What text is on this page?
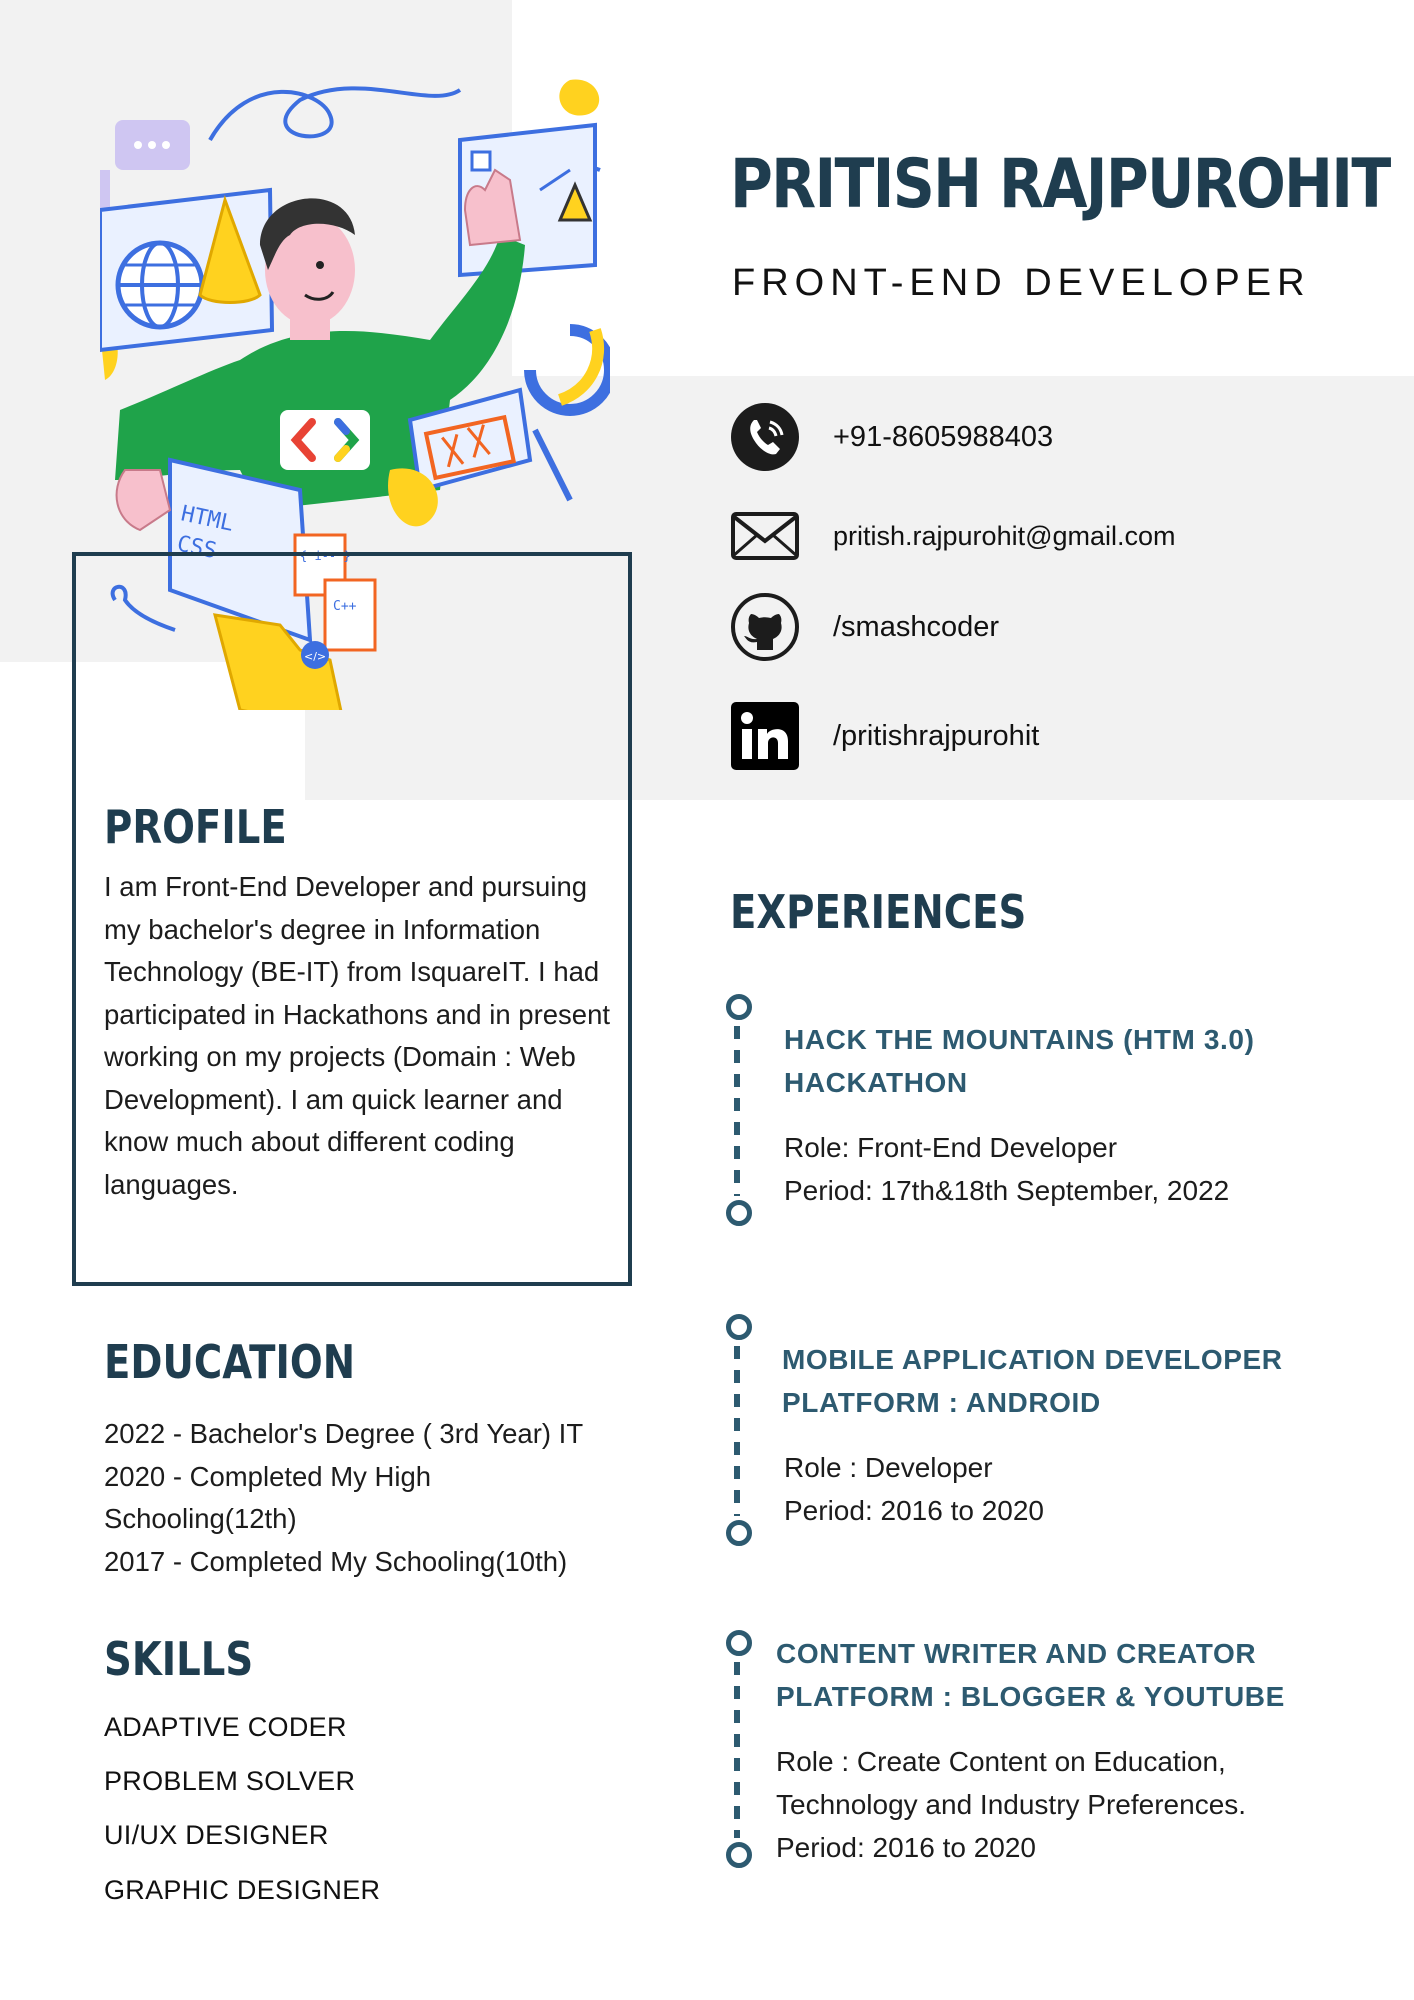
HTML
CSS	{ i-- }
C++
</>
PRITISH RAJPUROHIT
FRONT-END DEVELOPER
+91-8605988403
pritish.rajpurohit@gmail.com
/smashcoder
/pritishrajpurohit
PROFILE
I am Front-End Developer and pursuing my bachelor's degree in Information Technology (BE-IT) from IsquareIT. I had participated in Hackathons and in present working on my projects (Domain : Web Development). I am quick learner and know much about different coding languages.
EDUCATION
2022 - Bachelor's Degree ( 3rd Year) IT
2020 - Completed My High
Schooling(12th)
2017 - Completed My Schooling(10th)
SKILLS
ADAPTIVE CODER
PROBLEM SOLVER
UI/UX DESIGNER
GRAPHIC DESIGNER
EXPERIENCES
HACK THE MOUNTAINS (HTM 3.0)
HACKATHON
Role: Front-End Developer
Period: 17th&18th September, 2022
MOBILE APPLICATION DEVELOPER
PLATFORM : ANDROID
Role : Developer
Period: 2016 to 2020
CONTENT WRITER AND CREATOR
PLATFORM : BLOGGER & YOUTUBE
Role : Create Content on Education,
Technology and Industry Preferences.
Period: 2016 to 2020
